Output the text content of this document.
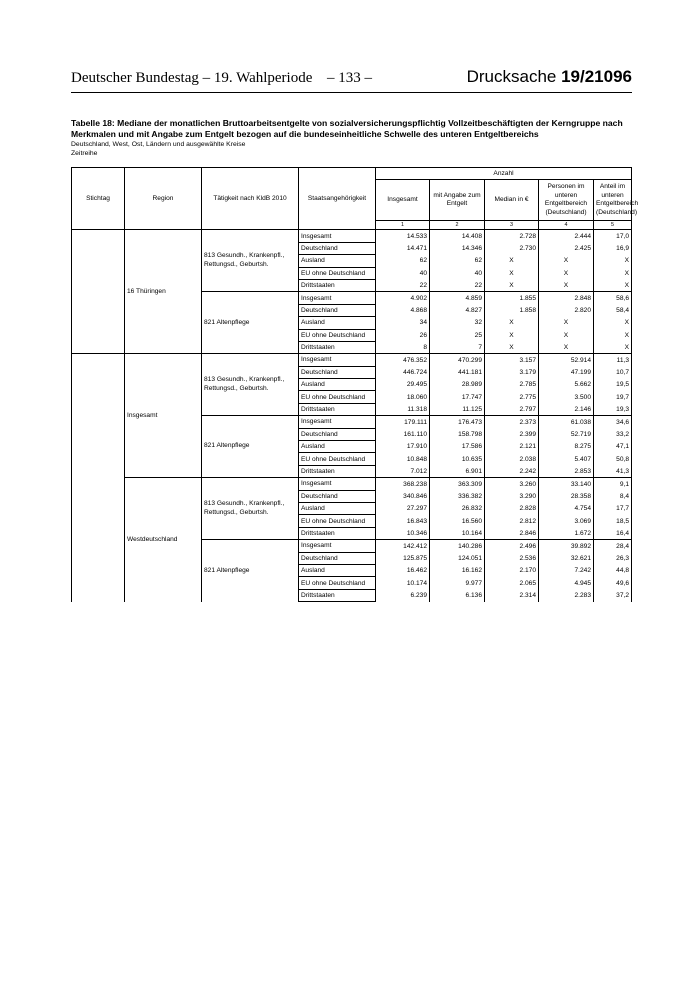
Deutscher Bundestag – 19. Wahlperiode – 133 –	Drucksache 19/21096
Tabelle 18: Mediane der monatlichen Bruttoarbeitsentgelte von sozialversicherungspflichtig Vollzeitbeschäftigten der Kerngruppe nach Merkmalen und mit Angabe zum Entgelt bezogen auf die bundeseinheitliche Schwelle des unteren Entgeltbereichs
Deutschland, West, Ost, Ländern und ausgewählte Kreise
Zeitreihe
Stichtag	Region	Tätigkeit nach KldB 2010	Staatsangehörigkeit	Anzahl				
				Insgesamt	mit Angabe zum Entgelt	Median in €	Personen im unteren Entgeltbereich (Deutschland)	Anteil im unteren Entgeltbereich (Deutschland)
				1	2	3	4	5
	16 Thüringen	813 Gesundh., Krankenpfl., Rettungsd., Geburtsh.	Insgesamt	14.533	14.408	2.728	2.444	17,0
			Deutschland	14.471	14.346	2.730	2.425	16,9
			Ausland	62	62	X	X	X
			EU ohne Deutschland	40	40	X	X	X
			Drittstaaten	22	22	X	X	X
		821 Altenpflege	Insgesamt	4.902	4.859	1.855	2.848	58,6
			Deutschland	4.868	4.827	1.858	2.820	58,4
			Ausland	34	32	X	X	X
			EU ohne Deutschland	26	25	X	X	X
			Drittstaaten	8	7	X	X	X
	Insgesamt	813 Gesundh., Krankenpfl., Rettungsd., Geburtsh.	Insgesamt	476.352	470.299	3.157	52.914	11,3
			Deutschland	446.724	441.181	3.179	47.199	10,7
			Ausland	29.495	28.989	2.785	5.662	19,5
			EU ohne Deutschland	18.060	17.747	2.775	3.500	19,7
			Drittstaaten	11.318	11.125	2.797	2.146	19,3
		821 Altenpflege	Insgesamt	179.111	176.473	2.373	61.038	34,6
			Deutschland	161.110	158.798	2.399	52.719	33,2
			Ausland	17.910	17.586	2.121	8.275	47,1
			EU ohne Deutschland	10.848	10.635	2.038	5.407	50,8
			Drittstaaten	7.012	6.901	2.242	2.853	41,3
	Westdeutschland	813 Gesundh., Krankenpfl., Rettungsd., Geburtsh.	Insgesamt	368.238	363.309	3.260	33.140	9,1
			Deutschland	340.846	336.382	3.290	28.358	8,4
			Ausland	27.297	26.832	2.828	4.754	17,7
			EU ohne Deutschland	16.843	16.560	2.812	3.069	18,5
			Drittstaaten	10.346	10.164	2.846	1.672	16,4
		821 Altenpflege	Insgesamt	142.412	140.286	2.496	39.892	28,4
			Deutschland	125.875	124.051	2.536	32.621	26,3
			Ausland	16.462	16.162	2.170	7.242	44,8
			EU ohne Deutschland	10.174	9.977	2.065	4.945	49,6
			Drittstaaten	6.239	6.136	2.314	2.283	37,2
